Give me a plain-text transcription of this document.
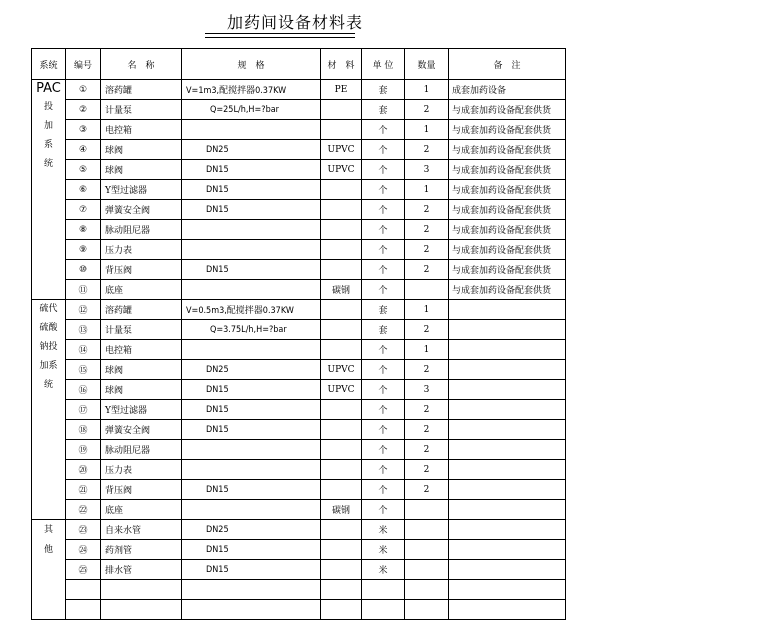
加药间设备材料表
系统	编号	名　称	规　格	材　料	单 位	数量	备　注

PAC
投加系统	①	溶药罐	V=1m3,配搅拌器0.37KW	PE	套	1	成套加药设备
	②	计量泵	Q=25L/h,H=?bar		套	2	与成套加药设备配套供货
	③	电控箱			个	1	与成套加药设备配套供货
	④	球阀	DN25	UPVC	个	2	与成套加药设备配套供货
	⑤	球阀	DN15	UPVC	个	3	与成套加药设备配套供货
	⑥	Y型过滤器	DN15		个	1	与成套加药设备配套供货
	⑦	弹簧安全阀	DN15		个	2	与成套加药设备配套供货
	⑧	脉动阻尼器			个	2	与成套加药设备配套供货
	⑨	压力表			个	2	与成套加药设备配套供货
	⑩	背压阀	DN15		个	2	与成套加药设备配套供货
	⑪	底座		碳钢	个		与成套加药设备配套供货
硫代硫酸钠投加系统	⑫	溶药罐	V=0.5m3,配搅拌器0.37KW		套	1	
	⑬	计量泵	Q=3.75L/h,H=?bar		套	2	
	⑭	电控箱			个	1	
	⑮	球阀	DN25	UPVC	个	2	
	⑯	球阀	DN15	UPVC	个	3	
	⑰	Y型过滤器	DN15		个	2	
	⑱	弹簧安全阀	DN15		个	2	
	⑲	脉动阻尼器			个	2	
	⑳	压力表			个	2	
	㉑	背压阀	DN15		个	2	
	㉒	底座		碳钢	个		
其他	㉓	自来水管	DN25		米		
	㉔	药剂管	DN15		米		
	㉕	排水管	DN15		米		
